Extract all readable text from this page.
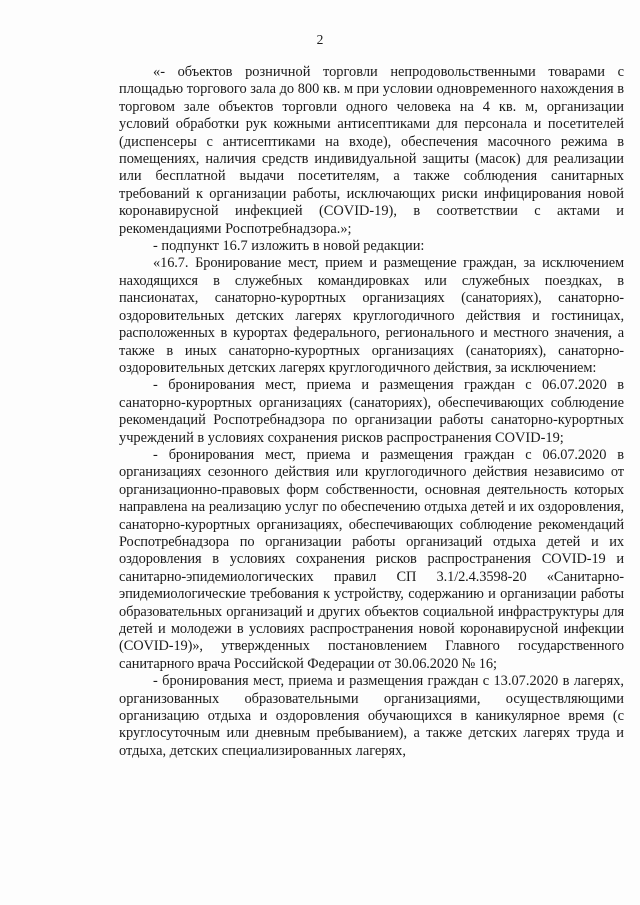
2

«- объектов розничной торговли непродовольственными товарами с площадью торгового зала до 800 кв. м при условии одновременного нахождения в торговом зале объектов торговли одного человека на 4 кв. м, организации условий обработки рук кожными антисептиками для персонала и посетителей (диспенсеры с антисептиками на входе), обеспечения масочного режима в помещениях, наличия средств индивидуальной защиты (масок) для реализации или бесплатной выдачи посетителям, а также соблюдения санитарных требований к организации работы, исключающих риски инфицирования новой коронавирусной инфекцией (COVID-19), в соответствии с актами и рекомендациями Роспотребнадзора.»;

- подпункт 16.7 изложить в новой редакции:

«16.7. Бронирование мест, прием и размещение граждан, за исключением находящихся в служебных командировках или служебных поездках, в пансионатах, санаторно-курортных организациях (санаториях), санаторно-оздоровительных детских лагерях круглогодичного действия и гостиницах, расположенных в курортах федерального, регионального и местного значения, а также в иных санаторно-курортных организациях (санаториях), санаторно-оздоровительных детских лагерях круглогодичного действия, за исключением:

- бронирования мест, приема и размещения граждан с 06.07.2020 в санаторно-курортных организациях (санаториях), обеспечивающих соблюдение рекомендаций Роспотребнадзора по организации работы санаторно-курортных учреждений в условиях сохранения рисков распространения COVID-19;

- бронирования мест, приема и размещения граждан с 06.07.2020 в организациях сезонного действия или круглогодичного действия независимо от организационно-правовых форм собственности, основная деятельность которых направлена на реализацию услуг по обеспечению отдыха детей и их оздоровления, санаторно-курортных организациях, обеспечивающих соблюдение рекомендаций Роспотребнадзора по организации работы организаций отдыха детей и их оздоровления в условиях сохранения рисков распространения COVID-19 и санитарно-эпидемиологических правил СП 3.1/2.4.3598-20 «Санитарно-эпидемиологические требования к устройству, содержанию и организации работы образовательных организаций и других объектов социальной инфраструктуры для детей и молодежи в условиях распространения новой коронавирусной инфекции (COVID-19)», утвержденных постановлением Главного государственного санитарного врача Российской Федерации от 30.06.2020 № 16;

- бронирования мест, приема и размещения граждан с 13.07.2020 в лагерях, организованных образовательными организациями, осуществляющими организацию отдыха и оздоровления обучающихся в каникулярное время (с круглосуточным или дневным пребыванием), а также детских лагерях труда и отдыха, детских специализированных лагерях,
